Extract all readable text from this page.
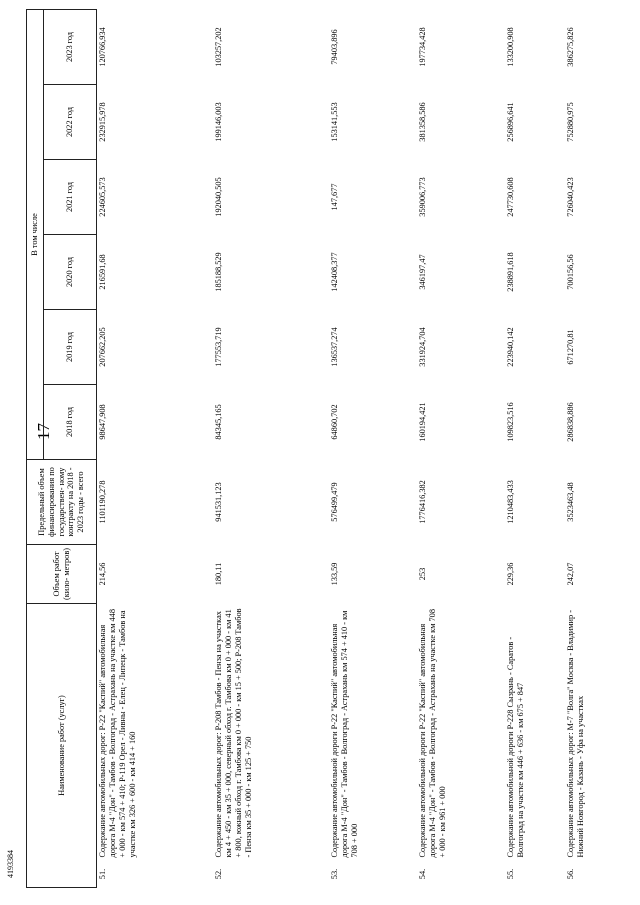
17
4193384
Наименование работ (услуг)		Объем работ (кило- метров)	Предельный объем финансирования по государствен- ному контракту на 2018 - 2023 годы - всего	В том числе					
				2018 год	2019 год	2020 год	2021 год	2022 год	2023 год
51.	Содержание автомобильных дорог: Р-22 "Каспий" автомобильная дорога М-4 "Дон" - Тамбов - Волгоград - Астрахань на участке км 448 + 000 - км 574 + 410; Р-119 Орел - Ливны - Елец - Липецк - Тамбов на участке км 326 + 600 - км 414 + 160	214,56	1101190,278	98647,908	207662,205	216591,68	224605,573	232915,978	120766,934
52.	Содержание автомобильных дорог: Р-208 Тамбов - Пенза на участках км 4 + 450 - км 35 + 000, северный обход г. Тамбова км 0 + 000 - км 41 + 800, южный обход г. Тамбова км 0 + 000 - км 15 + 500; Р-208 Тамбов - Пенза км 35 + 000 - км 125 + 750	180,11	941531,123	84345,165	177553,719	185188,529	192040,505	199146,003	103257,202
53.	Содержание автомобильной дороги Р-22 "Каспий" автомобильная дорога М-4 "Дон" - Тамбов - Волгоград - Астрахань км 574 + 410 - км 708 + 000	133,59	576499,479	64860,702	136537,274	142408,377	147,677	153141,553	79403,896
54.	Содержание автомобильной дороги Р-22 "Каспий" автомобильная дорога М-4 "Дон" - Тамбов - Волгоград - Астрахань на участке км 708 + 000 - км 961 + 000	253	1776416,382	160194,421	331924,704	346197,47	359006,773	381358,586	197734,428
55.	Содержание автомобильной дороги Р-228 Сызрань - Саратов - Волгоград на участке км 446 + 636 - км 675 + 847	229,36	1210483,433	109823,516	223940,142	238891,618	247730,608	256896,641	133200,908
56.	Содержание автомобильных дорог: М-7 "Волга" Москва - Владимир - Нижний Новгород - Казань - Уфа на участках	242,07	3523463,48	286838,886	671270,81	700156,56	726040,423	752880,975	386275,826
